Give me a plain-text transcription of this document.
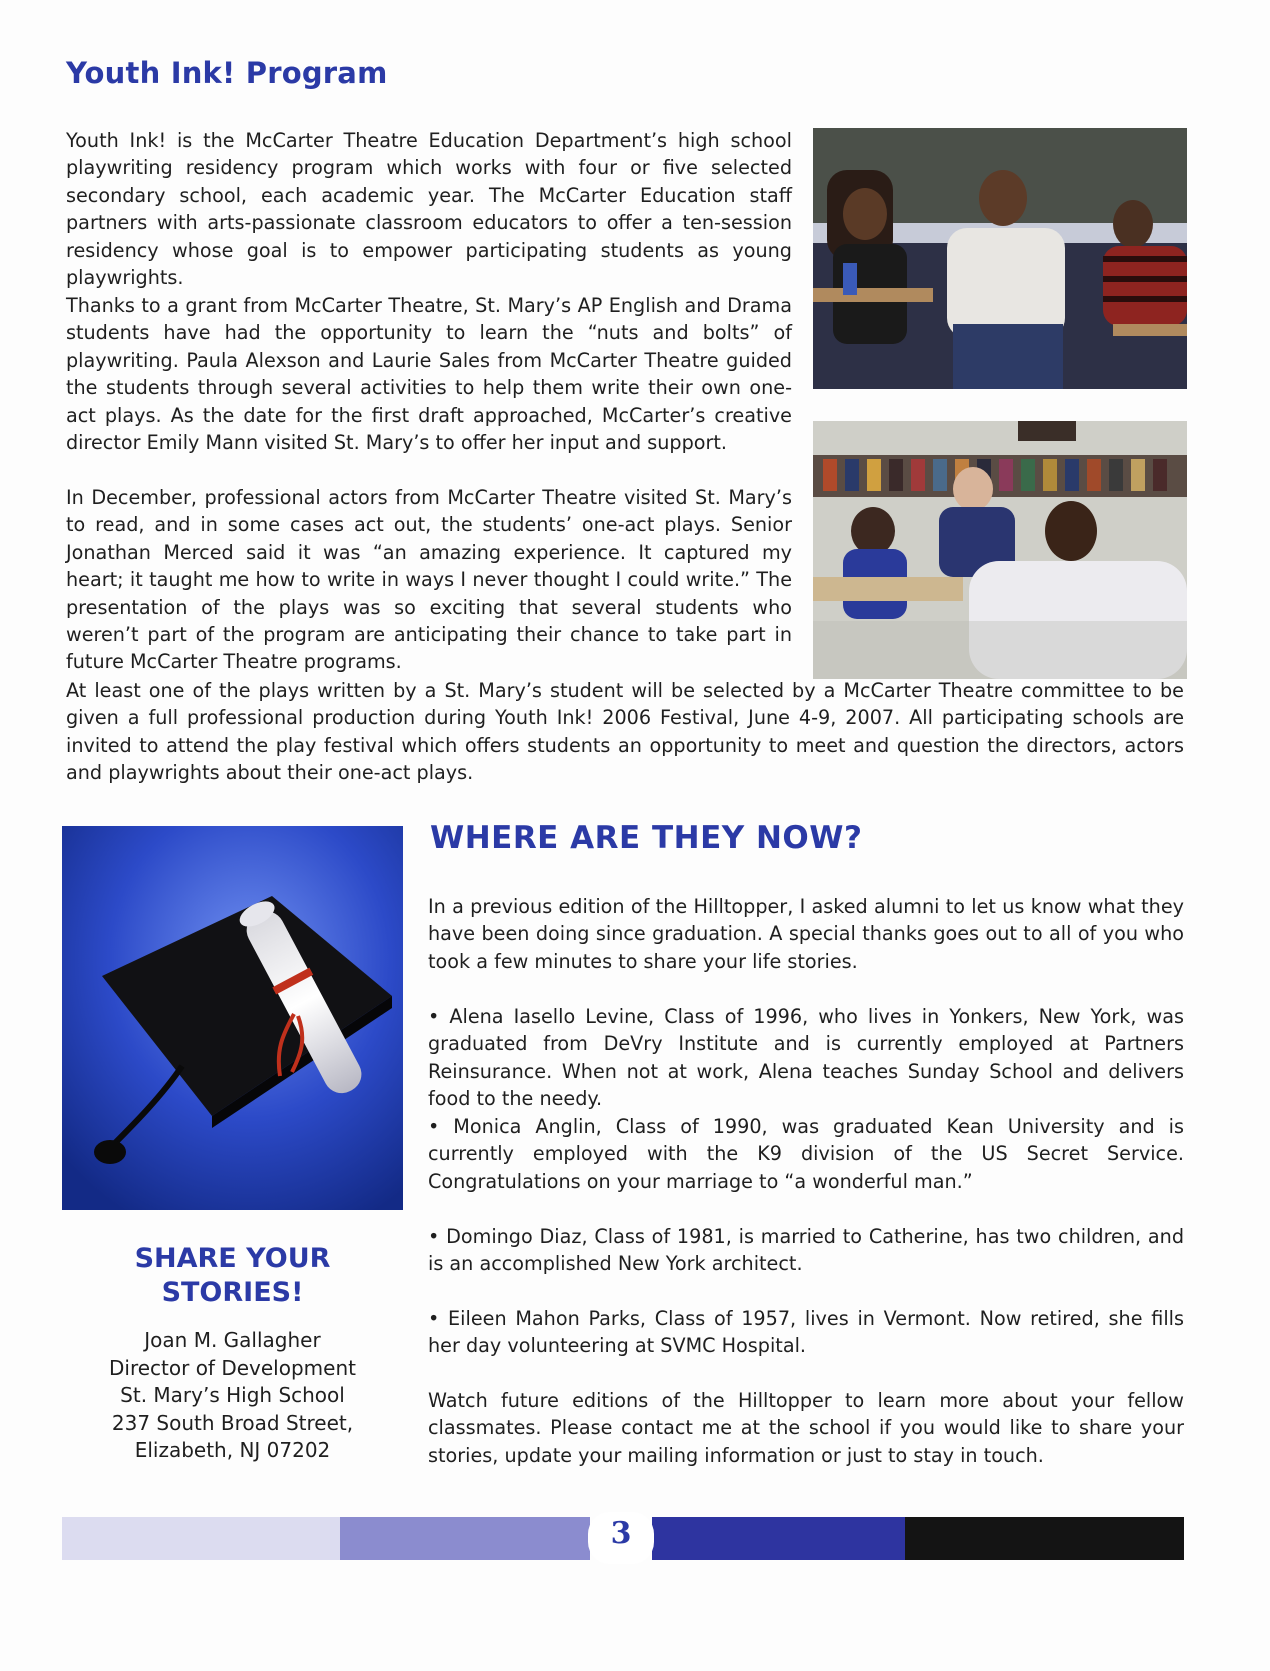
Youth Ink! Program

Youth Ink! is the McCarter Theatre Education Department’s high school playwriting residency program which works with four or five selected secondary school, each academic year. The McCarter Education staff partners with arts-passionate classroom educators to offer a ten-session residency whose goal is to empower participating students as young playwrights.

Thanks to a grant from McCarter Theatre, St. Mary’s AP English and Drama students have had the opportunity to learn the “nuts and bolts” of playwriting. Paula Alexson and Laurie Sales from McCarter Theatre guided the students through several activities to help them write their own one-act plays. As the date for the first draft approached, McCarter’s creative director Emily Mann visited St. Mary’s to offer her input and support.

In December, professional actors from McCarter Theatre visited St. Mary’s to read, and in some cases act out, the students’ one-act plays. Senior Jonathan Merced said it was “an amazing experience. It captured my heart; it taught me how to write in ways I never thought I could write.” The presentation of the plays was so exciting that several students who weren’t part of the program are anticipating their chance to take part in future McCarter Theatre programs.

At least one of the plays written by a St. Mary’s student will be selected by a McCarter Theatre committee to be given a full professional production during Youth Ink! 2006 Festival, June 4-9, 2007. All participating schools are invited to attend the play festival which offers students an opportunity to meet and question the directors, actors and playwrights about their one-act plays.

WHERE ARE THEY NOW?

In a previous edition of the Hilltopper, I asked alumni to let us know what they have been doing since graduation. A special thanks goes out to all of you who took a few minutes to share your life stories.

• Alena Iasello Levine, Class of 1996, who lives in Yonkers, New York, was graduated from DeVry Institute and is currently employed at Partners Reinsurance. When not at work, Alena teaches Sunday School and delivers food to the needy.

• Monica Anglin, Class of 1990, was graduated Kean University and is currently employed with the K9 division of the US Secret Service. Congratulations on your marriage to “a wonderful man.”

• Domingo Diaz, Class of 1981, is married to Catherine, has two children, and is an accomplished New York architect.

• Eileen Mahon Parks, Class of 1957, lives in Vermont. Now retired, she fills her day volunteering at SVMC Hospital.

Watch future editions of the Hilltopper to learn more about your fellow classmates. Please contact me at the school if you would like to share your stories, update your mailing information or just to stay in touch.

SHARE YOUR
STORIES!
Joan M. Gallagher
Director of Development
St. Mary’s High School
237 South Broad Street,
Elizabeth, NJ 07202
3
